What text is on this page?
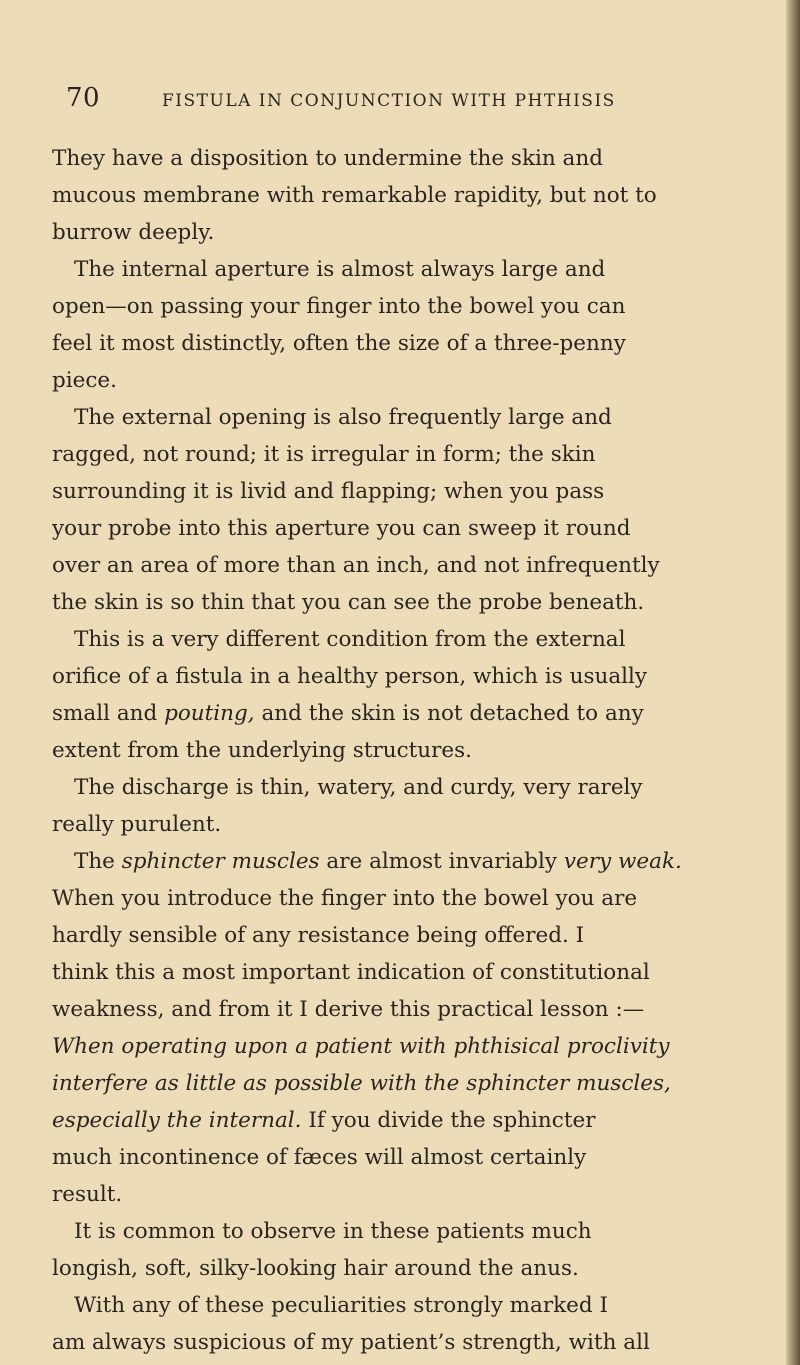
70	FISTULA IN CONJUNCTION WITH PHTHISIS
They have a disposition to undermine the skin and
mucous membrane with remarkable rapidity, but not to
burrow deeply.
The internal aperture is almost always large and
open—on passing your finger into the bowel you can
feel it most distinctly, often the size of a three-penny
piece.
The external opening is also frequently large and
ragged, not round; it is irregular in form; the skin
surrounding it is livid and flapping; when you pass
your probe into this aperture you can sweep it round
over an area of more than an inch, and not infrequently
the skin is so thin that you can see the probe beneath.
This is a very different condition from the external
orifice of a fistula in a healthy person, which is usually
small and pouting, and the skin is not detached to any
extent from the underlying structures.
The discharge is thin, watery, and curdy, very rarely
really purulent.
The sphincter muscles are almost invariably very weak.
When you introduce the finger into the bowel you are
hardly sensible of any resistance being offered. I
think this a most important indication of constitutional
weakness, and from it I derive this practical lesson :—
When operating upon a patient with phthisical proclivity
interfere as little as possible with the sphincter muscles,
especially the internal. If you divide the sphincter
much incontinence of fæces will almost certainly
result.
It is common to observe in these patients much
longish, soft, silky-looking hair around the anus.
With any of these peculiarities strongly marked I
am always suspicious of my patient’s strength, with all
